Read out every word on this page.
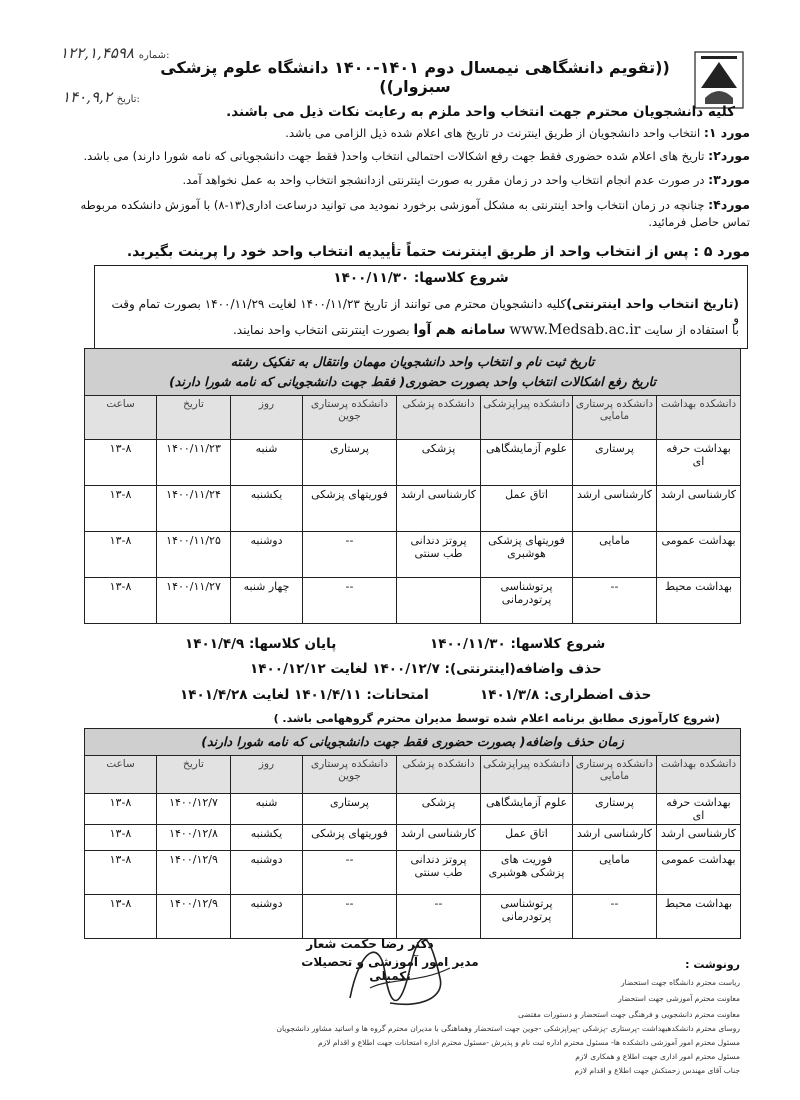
۱۲۲,۱,۴۵۹۸ شماره:
۱۴۰,۹,۲ تاریخ:
((تقویم دانشگاهی نیمسال دوم ۱۴۰۱-۱۴۰۰ دانشگاه علوم پزشکی سبزوار))
کلیه دانشجویان محترم جهت انتخاب واحد ملزم به رعایت نکات ذیل می باشند.
مورد ۱: انتخاب واحد دانشجویان از طریق اینترنت در تاریخ های اعلام شده ذیل الزامی می باشد.
مورد۲: تاریخ های اعلام شده حضوری فقط جهت رفع اشکالات احتمالی انتخاب واحد( فقط جهت دانشجویانی که نامه شورا دارند) می باشد.
مورد۳: در صورت عدم انجام انتخاب واحد در زمان مقرر به صورت اینترنتی ازدانشجو انتخاب واحد به عمل نخواهد آمد.
مورد۴: چنانچه در زمان انتخاب واحد اینترنتی به مشکل آموزشی برخورد نمودید می توانید درساعت اداری(۱۳-۸) با آموزش دانشکده مربوطه تماس حاصل فرمائید.
مورد ۵ : پس از انتخاب واحد از طریق اینترنت حتماً تأییدیه انتخاب واحد خود را پرینت بگیرید.
شروع کلاسها: ۱۴۰۰/۱۱/۳۰
(تاریخ انتخاب واحد اینترنتی)کلیه دانشجویان محترم می توانند از تاریخ ۱۴۰۰/۱۱/۲۳ لغایت ۱۴۰۰/۱۱/۲۹ بصورت تمام وقت و
با استفاده از سایت www.Medsab.ac.ir سامانه هم آوا بصورت اینترنتی انتخاب واحد نمایند.
تاریخ ثبت نام و انتخاب واحد دانشجویان مهمان وانتقال به تفکیک رشته
تاریخ رفع اشکالات انتخاب واحد بصورت حضوری( فقط جهت دانشجویانی که نامه شورا دارند)							

دانشکده بهداشت	دانشکده پرستاری مامایی	دانشکده پیراپزشکی	دانشکده پزشکی	دانشکده پرستاری جوین	روز	تاریخ	ساعت
بهداشت حرفه ای	پرستاری	علوم آزمایشگاهی	پزشکی	پرستاری	شنبه	۱۴۰۰/۱۱/۲۳	۱۳-۸
کارشناسی ارشد	کارشناسی ارشد	اتاق عمل	کارشناسی ارشد	فوریتهای پزشکی	یکشنبه	۱۴۰۰/۱۱/۲۴	۱۳-۸
بهداشت عمومی	مامایی	فوریتهای پزشکی هوشبری	پروتز دندانی طب سنتی	--	دوشنبه	۱۴۰۰/۱۱/۲۵	۱۳-۸
بهداشت محیط	--	پرتوشناسی پرتودرمانی		--	چهار شنبه	۱۴۰۰/۱۱/۲۷	۱۳-۸
شروع کلاسها: ۱۴۰۰/۱۱/۳۰
پایان کلاسها: ۱۴۰۱/۴/۹
حذف واضافه(اینترنتی): ۱۴۰۰/۱۲/۷ لغایت ۱۴۰۰/۱۲/۱۲
حذف اضطراری: ۱۴۰۱/۳/۸
امتحانات: ۱۴۰۱/۴/۱۱ لغایت ۱۴۰۱/۴/۲۸
(شروع کارآموزی مطابق برنامه اعلام شده توسط مدیران محترم گروههامی باشد. )
زمان حذف واضافه( بصورت حضوری فقط جهت دانشجویانی که نامه شورا دارند)							
دانشکده بهداشت	دانشکده پرستاری مامایی	دانشکده پیراپزشکی	دانشکده پزشکی	دانشکده پرستاری جوین	روز	تاریخ	ساعت
بهداشت حرفه ای	پرستاری	علوم آزمایشگاهی	پزشکی	پرستاری	شنبه	۱۴۰۰/۱۲/۷	۱۳-۸
کارشناسی ارشد	کارشناسی ارشد	اتاق عمل	کارشناسی ارشد	فوریتهای پزشکی	یکشنبه	۱۴۰۰/۱۲/۸	۱۳-۸
بهداشت عمومی	مامایی	فوریت های پزشکی هوشبری	پروتز دندانی طب سنتی	--	دوشنبه	۱۴۰۰/۱۲/۹	۱۳-۸
بهداشت محیط	--	پرتوشناسی پرتودرمانی	--	--	دوشنبه	۱۴۰۰/۱۲/۹	۱۳-۸
دکتر رضا حکمت شعار
مدیر امور آموزشی و تحصیلات تکمیلی
رونوشت :
ریاست محترم دانشگاه جهت استحضار
معاونت محترم آموزشی جهت استحضار
معاونت محترم دانشجویی و فرهنگی جهت استحضار و دستورات مقتضی
روسای محترم دانشکدهبهداشت -پرستاری -پزشکی -پیراپزشکی -جوین جهت استحضار وهماهنگی با مدیران محترم گروه ها و اساتید مشاور دانشجویان
مسئول محترم امور آموزشی دانشکده ها- مسئول محترم اداره ثبت نام و پذیرش -مسئول محترم اداره امتحانات جهت اطلاع و اقدام لازم
مسئول محترم امور اداری جهت اطلاع و همکاری لازم
جناب آقای مهندس زحمتکش جهت اطلاع و اقدام لازم
